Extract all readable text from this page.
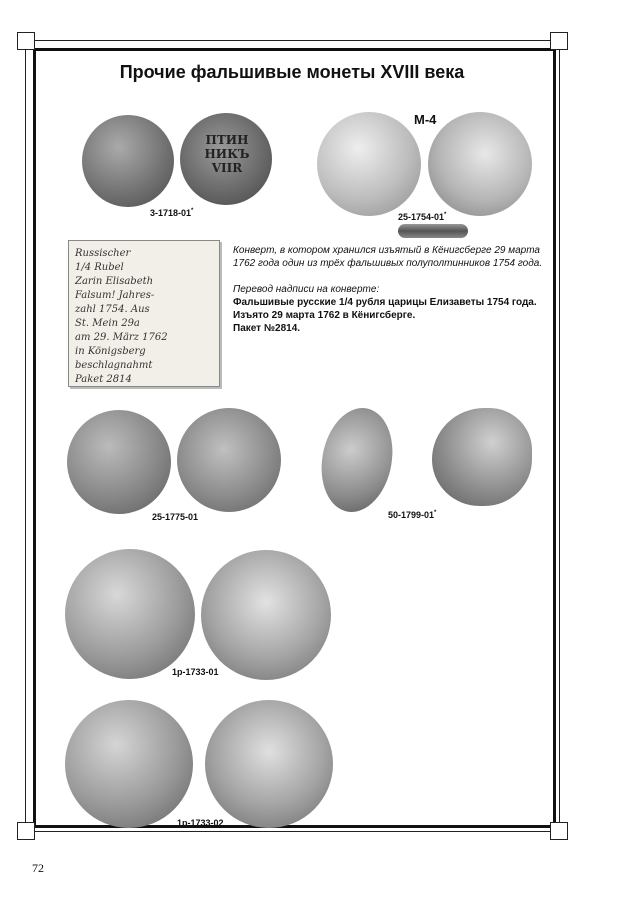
Прочие фальшивые монеты XVIII века
ПТИН
НИКЪ
VIIR
3-1718-01*
M-4
25-1754-01*
Russischer
1/4 Rubel
Zarin Elisabeth
Falsum! Jahres-
zahl 1754. Aus
St. Mein 29a
am 29. März 1762
in Königsberg
beschlagnahmt
Paket 2814
Конверт, в котором хранился изъятый в Кёнигсберге 29 марта 1762 года один из трёх фальшивых полуполтинников 1754 года.
Перевод надписи на конверте:
Фальшивые русские 1/4 рубля царицы Елизаветы 1754 года.
Изъято 29 марта 1762 в Кёнигсберге.
Пакет №2814.
25-1775-01	50-1799-01*
1р-1733-01
1р-1733-02
72
